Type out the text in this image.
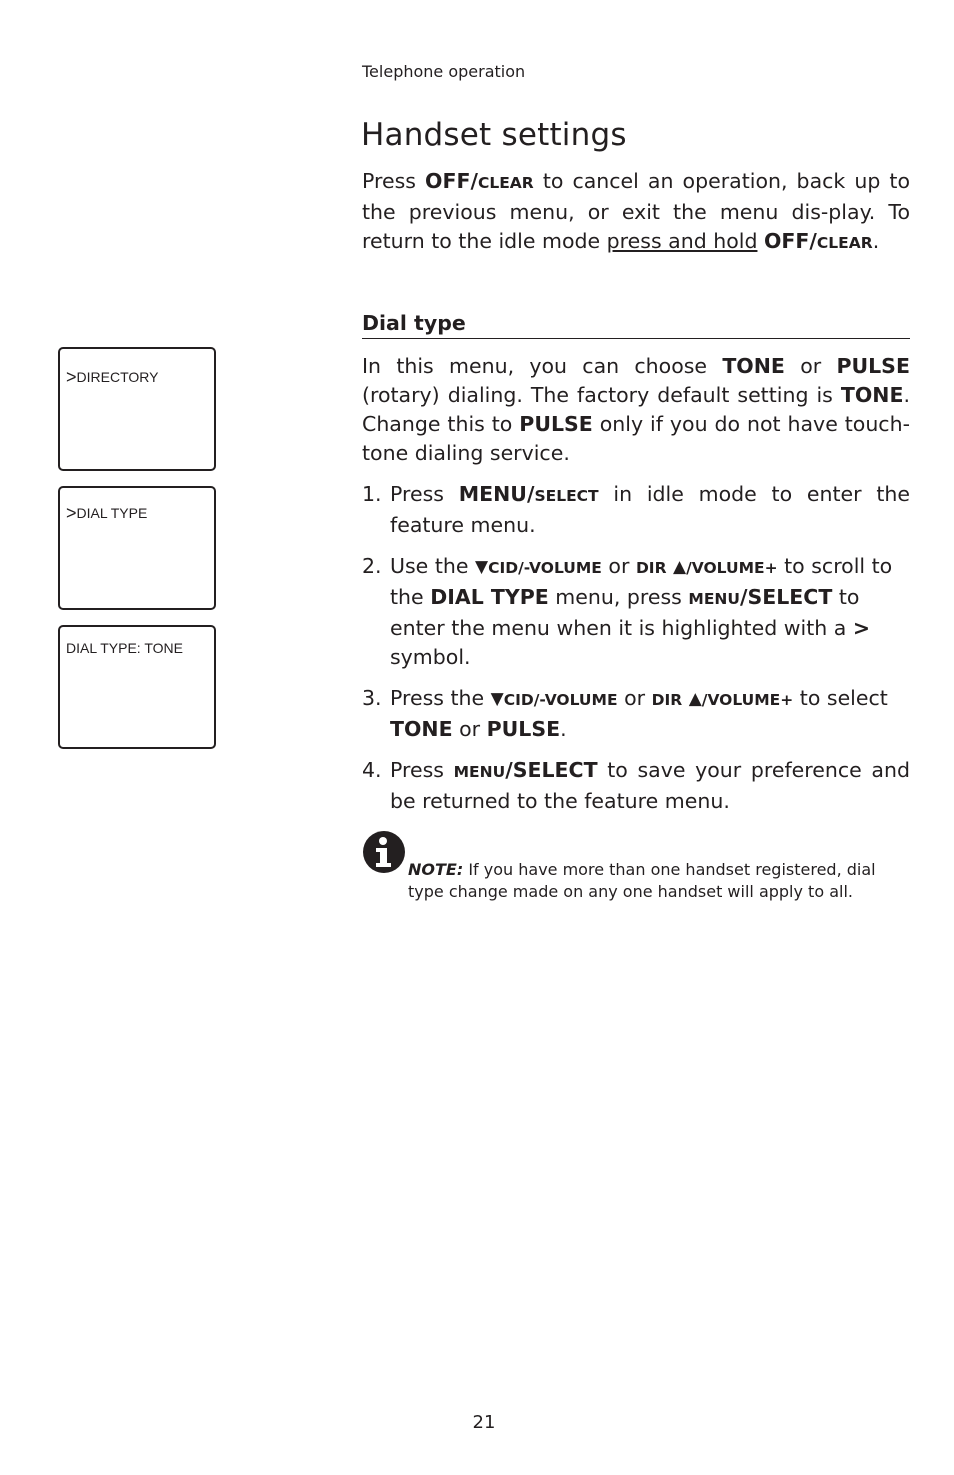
Telephone operation
Handset settings

Press OFF/CLEAR to cancel an operation, back up to the previous menu, or exit the menu dis-play. To return to the idle mode press and hold OFF/CLEAR.

Dial type

In this menu, you can choose TONE or PULSE (rotary) dialing. The factory default setting is TONE. Change this to PULSE only if you do not have touch-tone dialing service.

1. Press MENU/SELECT in idle mode to enter the feature menu.
2. Use the ▼CID/-VOLUME or DIR ▲/VOLUME+ to scroll to the DIAL TYPE menu, press MENU/SELECT to enter the menu when it is highlighted with a > symbol.
3. Press the ▼CID/-VOLUME or DIR ▲/VOLUME+ to select TONE or PULSE.
4. Press MENU/SELECT to save your preference and be returned to the feature menu.
>DIRECTORY
>DIAL TYPE
DIAL TYPE: TONE
NOTE: If you have more than one handset registered, dial type change made on any one handset will apply to all.
21
